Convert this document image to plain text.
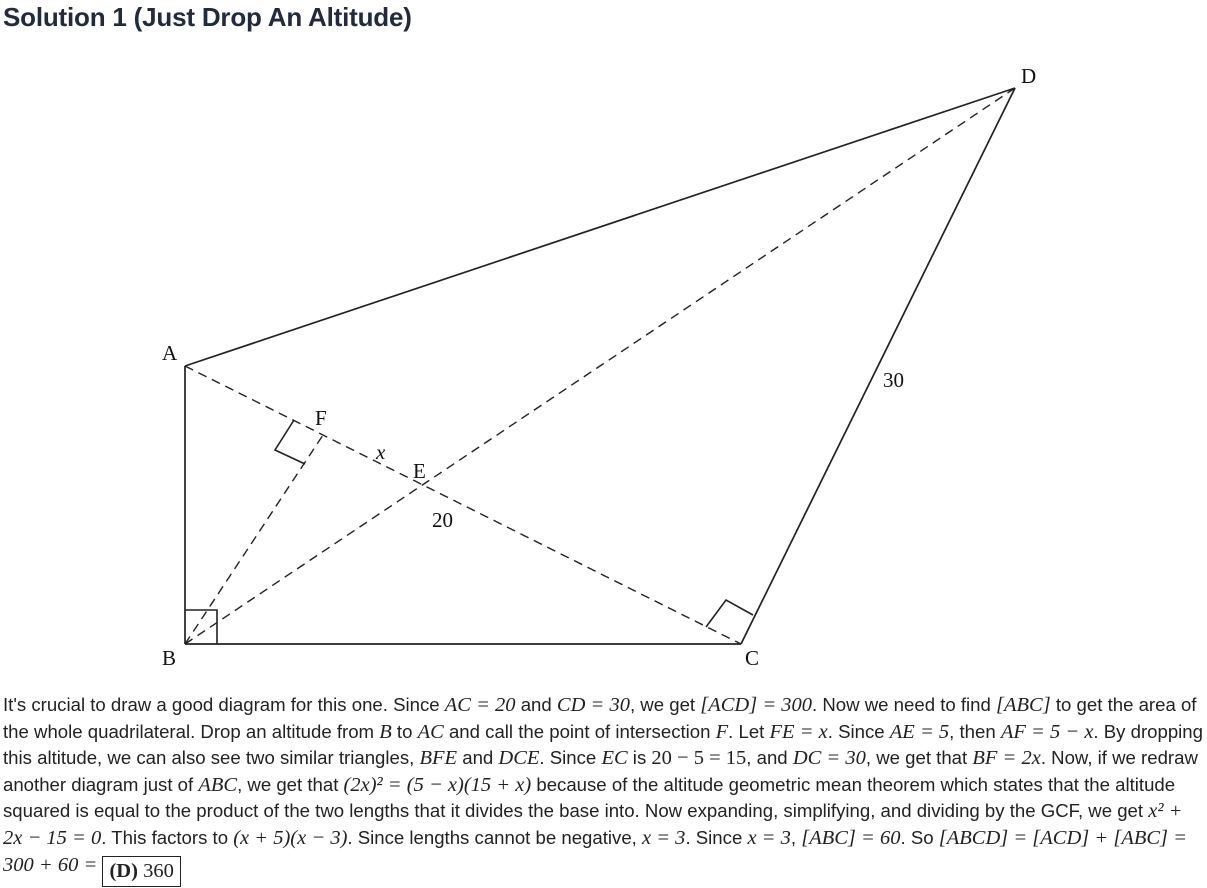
Solution 1 (Just Drop An Altitude)
A
B	C
D
E
F
30
20
x

It's crucial to draw a good diagram for this one. Since AC = 20 and CD = 30, we get [ACD] = 300. Now we need to find [ABC] to get the area of the whole quadrilateral. Drop an altitude from B to AC and call the point of intersection F. Let FE = x. Since AE = 5, then AF = 5 − x. By dropping this altitude, we can also see two similar triangles, BFE and DCE. Since EC is 20 − 5 = 15, and DC = 30, we get that BF = 2x. Now, if we redraw another diagram just of ABC, we get that (2x)² = (5 − x)(15 + x) because of the altitude geometric mean theorem which states that the altitude squared is equal to the product of the two lengths that it divides the base into. Now expanding, simplifying, and dividing by the GCF, we get x² + 2x − 15 = 0. This factors to (x + 5)(x − 3). Since lengths cannot be negative, x = 3. Since x = 3, [ABC] = 60. So [ABCD] = [ACD] + [ABC] = 300 + 60 = (D) 360
